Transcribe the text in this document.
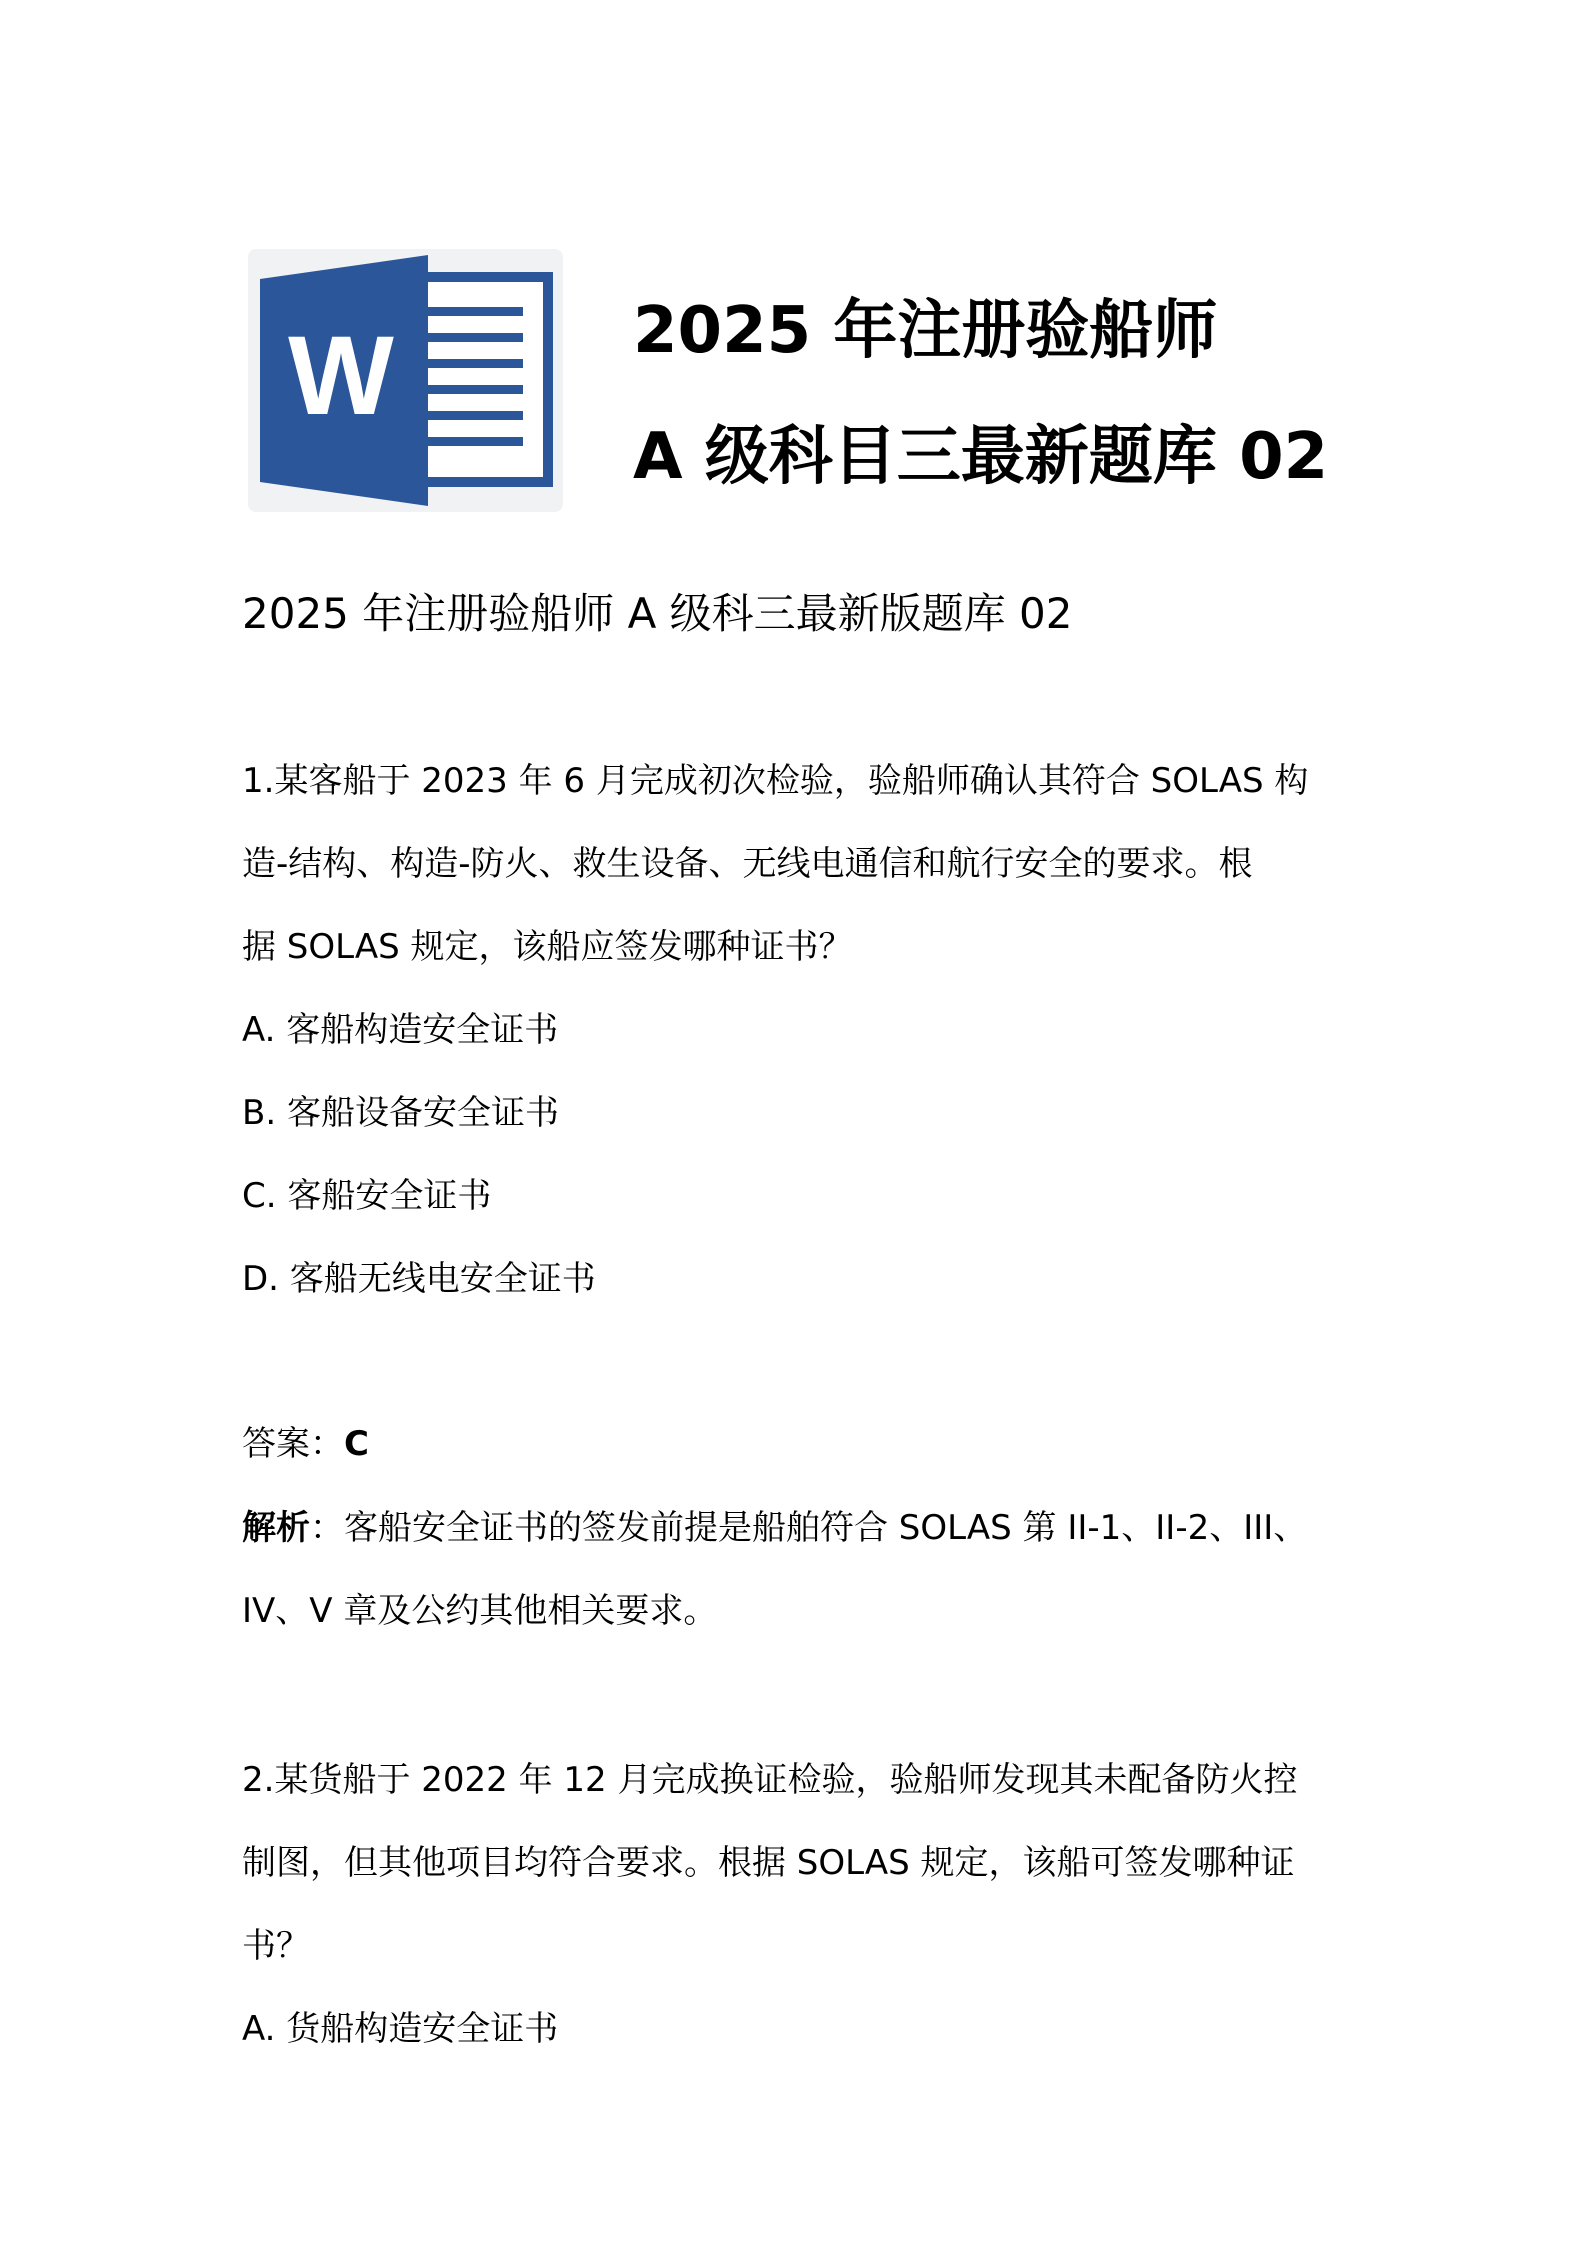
W	2025 年注册验船师
A 级科目三最新题库 02
2025 年注册验船师 A 级科三最新版题库 02
1.某客船于 2023 年 6 月完成初次检验，验船师确认其符合 SOLAS 构
造-结构、构造-防火、救生设备、无线电通信和航行安全的要求。根
据 SOLAS 规定，该船应签发哪种证书？
A. 客船构造安全证书
B. 客船设备安全证书
C. 客船安全证书
D. 客船无线电安全证书
答案：C
解析：客船安全证书的签发前提是船舶符合 SOLAS 第 II-1、II-2、III、
IV、V 章及公约其他相关要求。
2.某货船于 2022 年 12 月完成换证检验，验船师发现其未配备防火控
制图，但其他项目均符合要求。根据 SOLAS 规定，该船可签发哪种证
书？
A. 货船构造安全证书
